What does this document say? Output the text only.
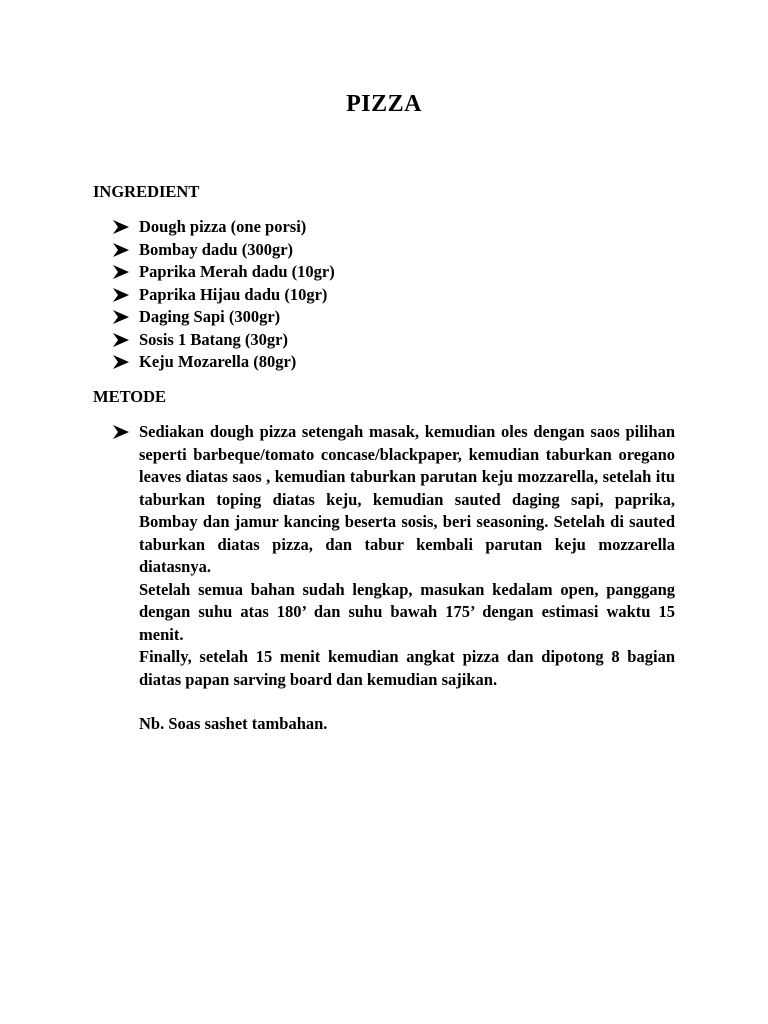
PIZZA
INGREDIENT
Dough pizza (one porsi)
Bombay dadu (300gr)
Paprika Merah dadu (10gr)
Paprika Hijau dadu (10gr)
Daging Sapi (300gr)
Sosis 1 Batang (30gr)
Keju Mozarella (80gr)
METODE

Sediakan dough pizza setengah masak, kemudian oles dengan saos pilihan seperti barbeque/tomato concase/blackpaper, kemudian taburkan oregano leaves diatas saos , kemudian taburkan parutan keju mozzarella, setelah itu taburkan toping diatas keju, kemudian sauted daging sapi, paprika, Bombay dan jamur kancing beserta sosis, beri seasoning. Setelah di sauted taburkan diatas pizza, dan tabur kembali parutan keju mozzarella diatasnya.

Setelah semua bahan sudah lengkap, masukan kedalam open, panggang dengan suhu atas 180’ dan suhu bawah 175’ dengan estimasi waktu 15 menit.

Finally, setelah 15 menit kemudian angkat pizza dan dipotong 8 bagian diatas papan sarving board dan kemudian sajikan.

Nb. Soas sashet tambahan.
